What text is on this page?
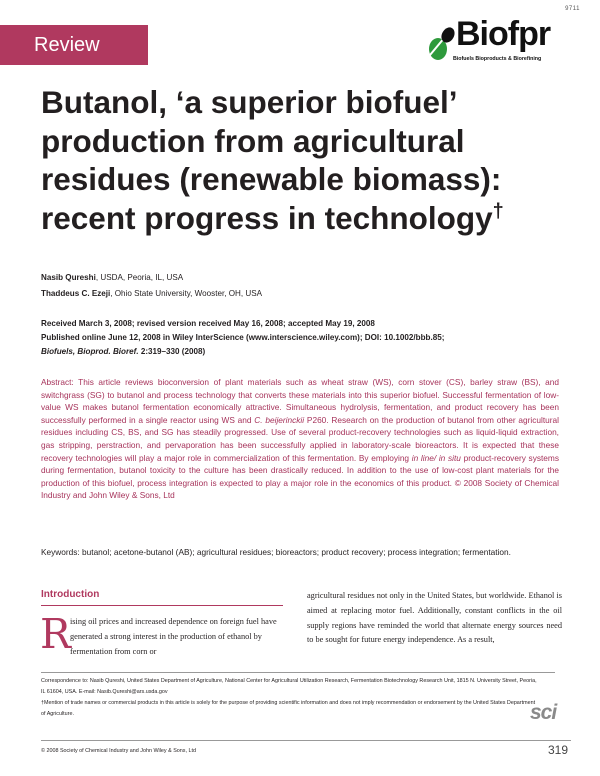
9711
Review	Biofpr
Biofuels Bioproducts & Biorefining
Butanol, ‘a superior biofuel’ production from agricultural residues (renewable biomass): recent progress in technology†
Nasib Qureshi, USDA, Peoria, IL, USA
Thaddeus C. Ezeji, Ohio State University, Wooster, OH, USA
Received March 3, 2008; revised version received May 16, 2008; accepted May 19, 2008
Published online June 12, 2008 in Wiley InterScience (www.interscience.wiley.com); DOI: 10.1002/bbb.85;
Biofuels, Bioprod. Bioref. 2:319–330 (2008)

Abstract: This article reviews bioconversion of plant materials such as wheat straw (WS), corn stover (CS), barley straw (BS), and switchgrass (SG) to butanol and process technology that converts these materials into this superior biofuel. Successful fermentation of low-value WS makes butanol fermentation economically attractive. Simultaneous hydrolysis, fermentation, and product recovery has been successfully performed in a single reactor using WS and C. beijerinckii P260. Research on the production of butanol from other agricultural residues including CS, BS, and SG has steadily progressed. Use of several product-recovery technologies such as liquid-liquid extraction, gas stripping, perstraction, and pervaporation has been successfully applied in laboratory-scale bioreactors. It is expected that these recovery technologies will play a major role in commercialization of this fermentation. By employing in line/ in situ product-recovery systems during fermentation, butanol toxicity to the culture has been drastically reduced. In addition to the use of low-cost plant materials for the production of this biofuel, process integration is expected to play a major role in the economics of this product. © 2008 Society of Chemical Industry and John Wiley & Sons, Ltd

Keywords: butanol; acetone-butanol (AB); agricultural residues; bioreactors; product recovery; process integration; fermentation.

Introduction
R ising oil prices and increased dependence on foreign fuel have generated a strong interest in the production of ethanol by fermentation from corn or

agricultural residues not only in the United States, but worldwide. Ethanol is aimed at replacing motor fuel. Additionally, constant conflicts in the oil supply regions have reminded the world that alternate energy sources need to be sought for future energy independence. As a result,

Correspondence to: Nasib Qureshi, United States Department of Agriculture, National Center for Agricultural Utilization Research, Fermentation Biotechnology Research Unit, 1815 N. University Street, Peoria, IL 61604, USA. E-mail: Nasib.Qureshi@ars.usda.gov
†Mention of trade names or commercial products in this article is solely for the purpose of providing scientific information and does not imply recommendation or endorsement by the United States Department of Agriculture.	sci
© 2008 Society of Chemical Industry and John Wiley & Sons, Ltd	319
